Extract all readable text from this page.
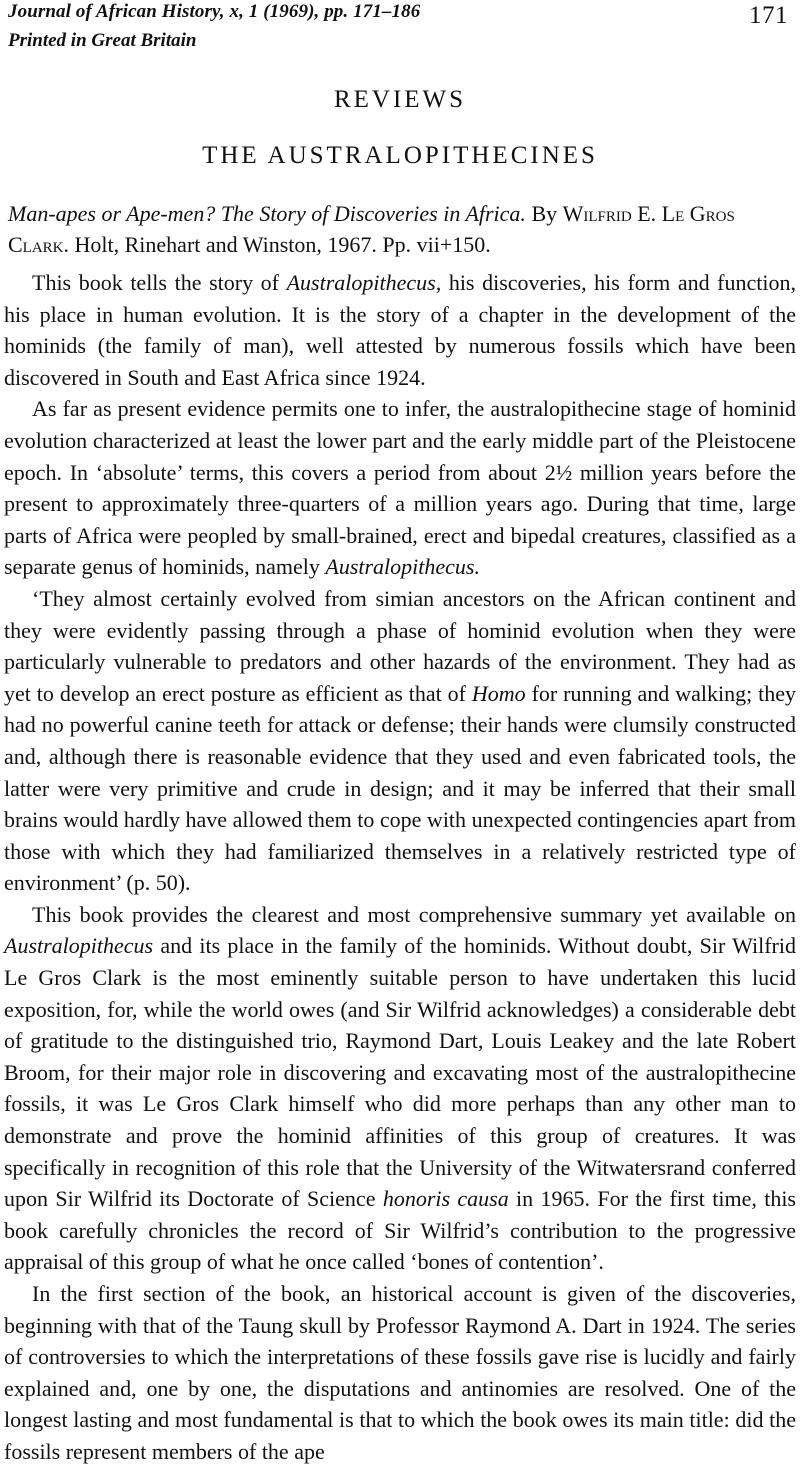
Journal of African History, x, 1 (1969), pp. 171–186
Printed in Great Britain
171
REVIEWS
THE AUSTRALOPITHECINES
Man-apes or Ape-men? The Story of Discoveries in Africa. By Wilfrid E. Le Gros Clark. Holt, Rinehart and Winston, 1967. Pp. vii+150.

This book tells the story of Australopithecus, his discoveries, his form and function, his place in human evolution. It is the story of a chapter in the development of the hominids (the family of man), well attested by numerous fossils which have been discovered in South and East Africa since 1924.

As far as present evidence permits one to infer, the australopithecine stage of hominid evolution characterized at least the lower part and the early middle part of the Pleistocene epoch. In ‘absolute’ terms, this covers a period from about 2½ million years before the present to approximately three-quarters of a million years ago. During that time, large parts of Africa were peopled by small-brained, erect and bipedal creatures, classified as a separate genus of hominids, namely Australopithecus.

‘They almost certainly evolved from simian ancestors on the African continent and they were evidently passing through a phase of hominid evolution when they were particularly vulnerable to predators and other hazards of the environment. They had as yet to develop an erect posture as efficient as that of Homo for running and walking; they had no powerful canine teeth for attack or defense; their hands were clumsily constructed and, although there is reasonable evidence that they used and even fabricated tools, the latter were very primitive and crude in design; and it may be inferred that their small brains would hardly have allowed them to cope with unexpected contingencies apart from those with which they had familiarized themselves in a relatively restricted type of environment’ (p. 50).

This book provides the clearest and most comprehensive summary yet available on Australopithecus and its place in the family of the hominids. Without doubt, Sir Wilfrid Le Gros Clark is the most eminently suitable person to have undertaken this lucid exposition, for, while the world owes (and Sir Wilfrid acknowledges) a considerable debt of gratitude to the distinguished trio, Raymond Dart, Louis Leakey and the late Robert Broom, for their major role in discovering and excavating most of the australopithecine fossils, it was Le Gros Clark himself who did more perhaps than any other man to demonstrate and prove the hominid affinities of this group of creatures. It was specifically in recognition of this role that the University of the Witwatersrand conferred upon Sir Wilfrid its Doctorate of Science honoris causa in 1965. For the first time, this book carefully chronicles the record of Sir Wilfrid’s contribution to the progressive appraisal of this group of what he once called ‘bones of contention’.

In the first section of the book, an historical account is given of the discoveries, beginning with that of the Taung skull by Professor Raymond A. Dart in 1924. The series of controversies to which the interpretations of these fossils gave rise is lucidly and fairly explained and, one by one, the disputations and antinomies are resolved. One of the longest lasting and most fundamental is that to which the book owes its main title: did the fossils represent members of the ape
